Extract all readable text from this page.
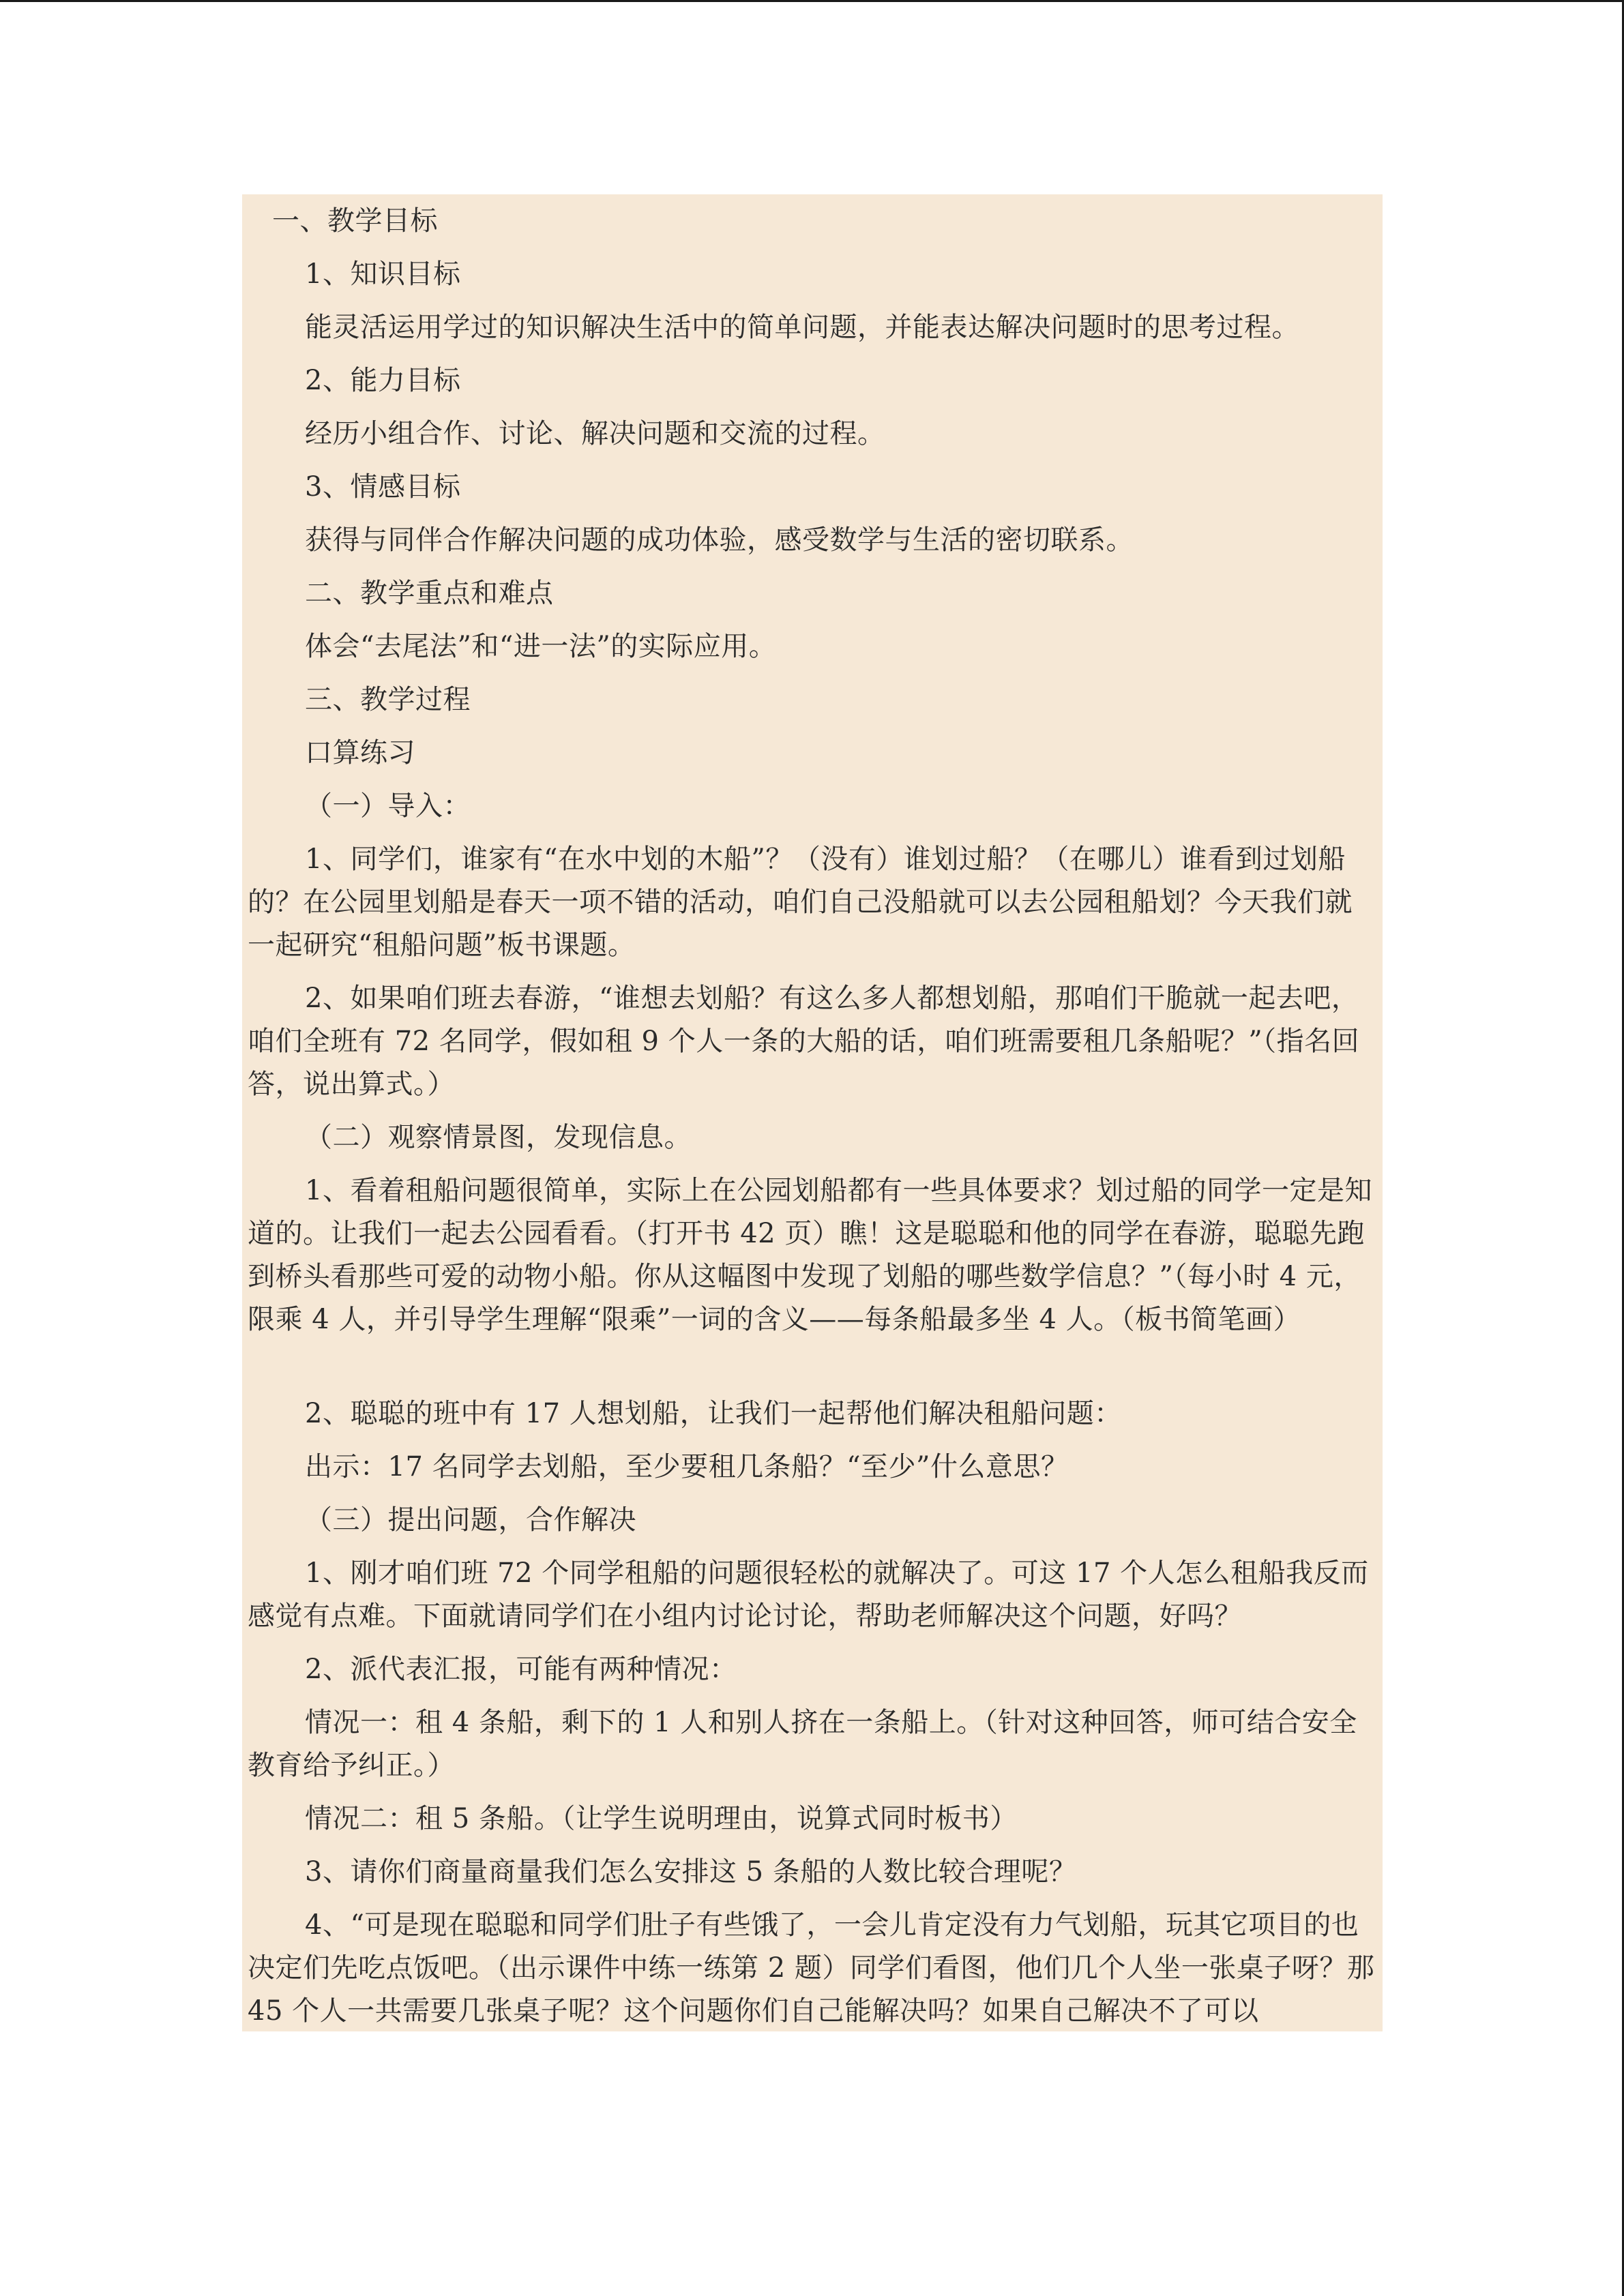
一、教学目标

1、知识目标

能灵活运用学过的知识解决生活中的简单问题，并能表达解决问题时的思考过程。

2、能力目标

经历小组合作、讨论、解决问题和交流的过程。

3、情感目标

获得与同伴合作解决问题的成功体验，感受数学与生活的密切联系。

二、教学重点和难点

体会“去尾法”和“进一法”的实际应用。

三、教学过程

口算练习

（一）导入：

1、同学们，谁家有“在水中划的木船”？（没有）谁划过船？（在哪儿）谁看到过划船的？在公园里划船是春天一项不错的活动，咱们自己没船就可以去公园租船划？今天我们就一起研究“租船问题”板书课题。

2、如果咱们班去春游，“谁想去划船？有这么多人都想划船，那咱们干脆就一起去吧，咱们全班有 72 名同学，假如租 9 个人一条的大船的话，咱们班需要租几条船呢？”（指名回答，说出算式。）

（二）观察情景图，发现信息。

1、看着租船问题很简单，实际上在公园划船都有一些具体要求？划过船的同学一定是知道的。让我们一起去公园看看。（打开书 42 页）瞧！这是聪聪和他的同学在春游，聪聪先跑到桥头看那些可爱的动物小船。你从这幅图中发现了划船的哪些数学信息？”（每小时 4 元，限乘 4 人，并引导学生理解“限乘”一词的含义——每条船最多坐 4 人。（板书简笔画）

2、聪聪的班中有 17 人想划船，让我们一起帮他们解决租船问题：

出示：17 名同学去划船，至少要租几条船？“至少”什么意思？

（三）提出问题，合作解决

1、刚才咱们班 72 个同学租船的问题很轻松的就解决了。可这 17 个人怎么租船我反而感觉有点难。下面就请同学们在小组内讨论讨论，帮助老师解决这个问题，好吗？

2、派代表汇报，可能有两种情况：

情况一：租 4 条船，剩下的 1 人和别人挤在一条船上。（针对这种回答，师可结合安全教育给予纠正。）

情况二：租 5 条船。（让学生说明理由，说算式同时板书）

3、请你们商量商量我们怎么安排这 5 条船的人数比较合理呢？

4、“可是现在聪聪和同学们肚子有些饿了，一会儿肯定没有力气划船，玩其它项目的也决定们先吃点饭吧。（出示课件中练一练第 2 题）同学们看图，他们几个人坐一张桌子呀？那 45 个人一共需要几张桌子呢？这个问题你们自己能解决吗？如果自己解决不了可以
